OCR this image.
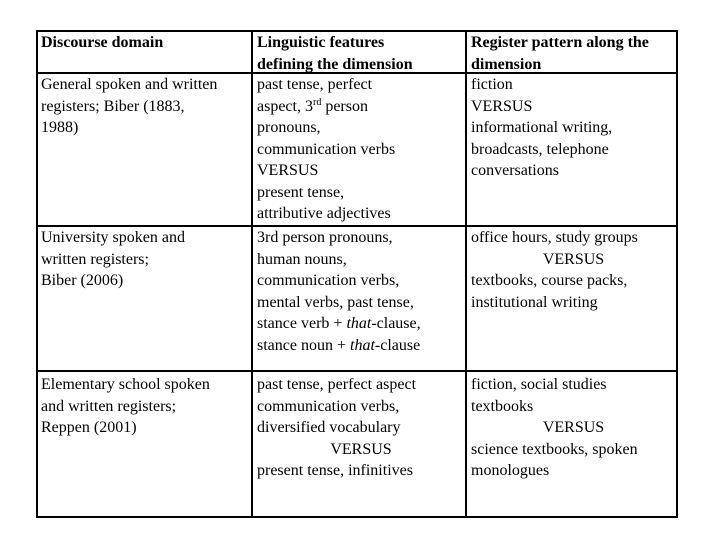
Discourse domain	Linguistic features
defining the dimension
Register pattern along the
dimension
General spoken and written
registers; Biber (1883,
1988)
past tense, perfect
aspect, 3rd person
pronouns,
communication verbs
VERSUS
present tense,
attributive adjectives
fiction
VERSUS
informational writing,
broadcasts, telephone
conversations
University spoken and
written registers;
Biber (2006)
3rd person pronouns,
human nouns,
communication verbs,
mental verbs, past tense,
stance verb + that-clause,
stance noun + that-clause
office hours, study groups
VERSUS
textbooks, course packs,
institutional writing
Elementary school spoken
and written registers;
Reppen (2001)
past tense, perfect aspect
communication verbs,
diversified vocabulary
VERSUS
present tense, infinitives
fiction, social studies
textbooks
VERSUS
science textbooks, spoken
monologues
